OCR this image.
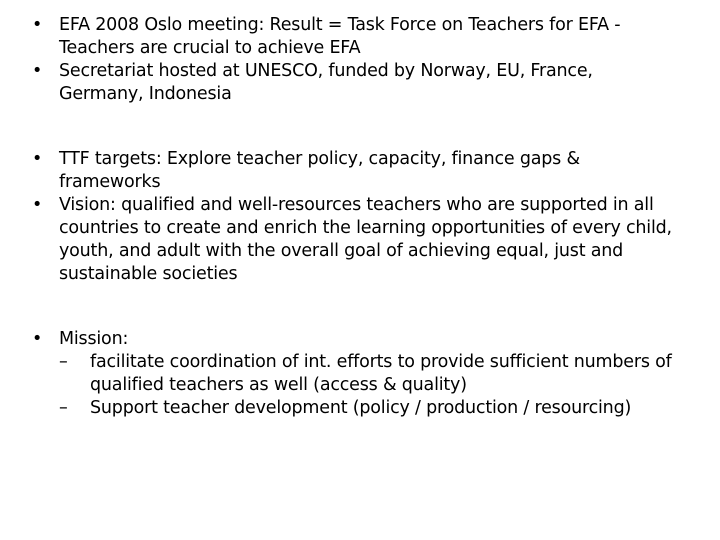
• EFA 2008 Oslo meeting: Result = Task Force on Teachers for EFA - Teachers are crucial to achieve EFA
• Secretariat hosted at UNESCO, funded by Norway, EU, France, Germany, Indonesia
• TTF targets: Explore teacher policy, capacity, finance gaps & frameworks
• Vision: qualified and well-resources teachers who are supported in all countries to create and enrich the learning opportunities of every child, youth, and adult with the overall goal of achieving equal, just and sustainable societies
• Mission:
–	facilitate coordination of int. efforts to provide sufficient numbers of qualified teachers as well (access & quality)
–	Support teacher development (policy / production / resourcing)
